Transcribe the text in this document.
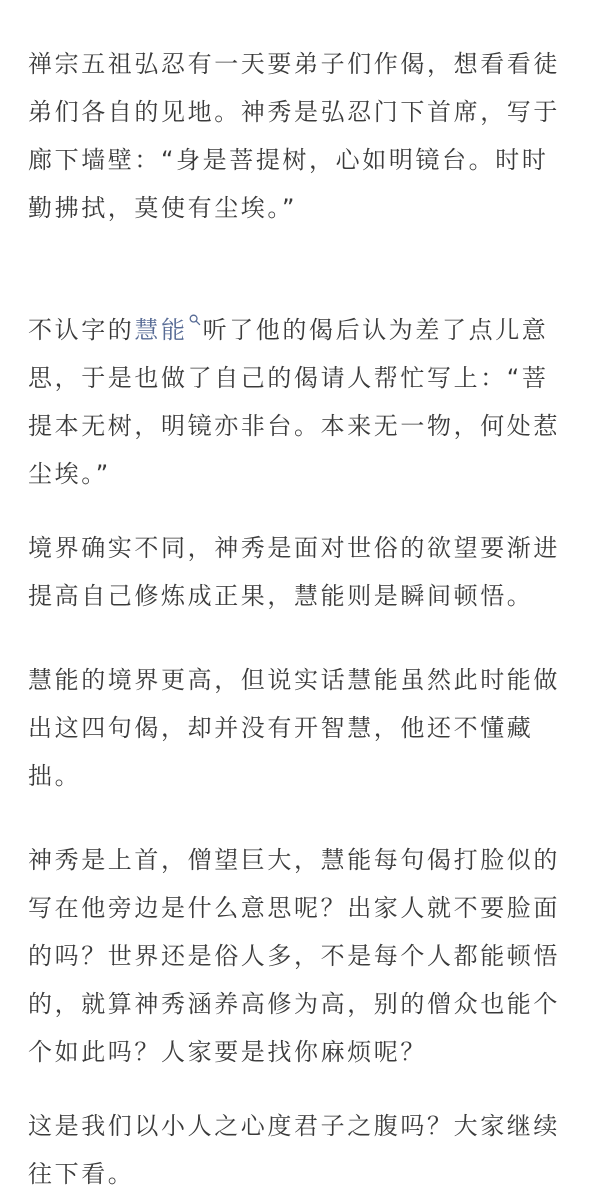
禅宗五祖弘忍有一天要弟子们作偈，想看看徒
弟们各自的见地。神秀是弘忍门下首席，写于
廊下墙壁：“身是菩提树，心如明镜台。时时
勤拂拭，莫使有尘埃。”
不认字的慧能 听了他的偈后认为差了点儿意
思，于是也做了自己的偈请人帮忙写上：“菩
提本无树，明镜亦非台。本来无一物，何处惹
尘埃。”
境界确实不同，神秀是面对世俗的欲望要渐进
提高自己修炼成正果，慧能则是瞬间顿悟。
慧能的境界更高，但说实话慧能虽然此时能做
出这四句偈，却并没有开智慧，他还不懂藏
拙。
神秀是上首，僧望巨大，慧能每句偈打脸似的
写在他旁边是什么意思呢？出家人就不要脸面
的吗？世界还是俗人多，不是每个人都能顿悟
的，就算神秀涵养高修为高，别的僧众也能个
个如此吗？人家要是找你麻烦呢？
这是我们以小人之心度君子之腹吗？大家继续
往下看。
